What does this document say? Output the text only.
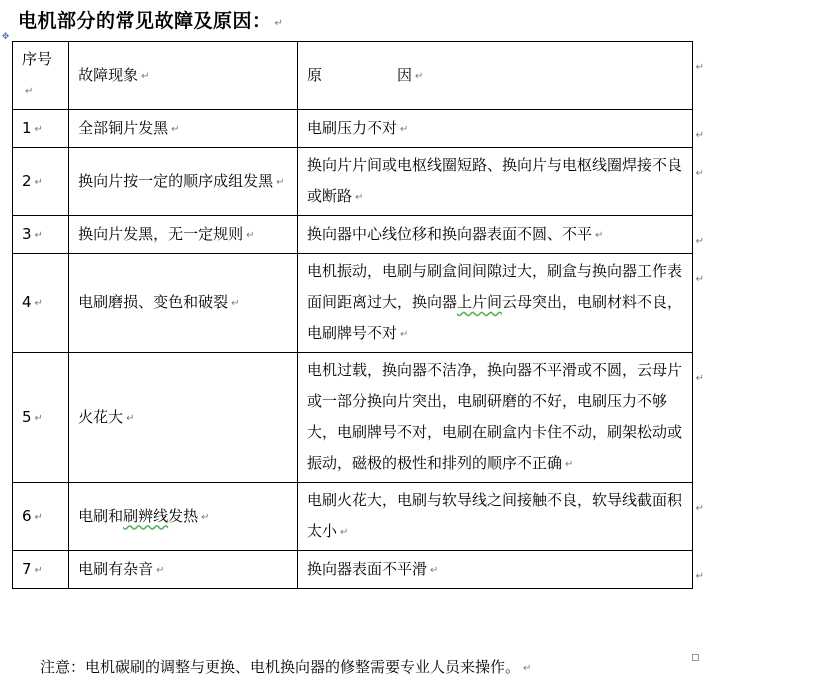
电机部分的常见故障及原因： ↵
✥
序号↵	故障现象 ↵	原　　　　　因 ↵
↵

1 ↵	全部铜片发黑 ↵	电刷压力不对 ↵
↵

2 ↵	换向片按一定的顺序成组发黑 ↵	换向片片间或电枢线圈短路、换向片与电枢线圈焊接不良或断路 ↵
↵

3 ↵	换向片发黑，无一定规则 ↵	换向器中心线位移和换向器表面不圆、不平 ↵
↵

4 ↵	电刷磨损、变色和破裂 ↵	电机振动，电刷与刷盒间间隙过大，刷盒与换向器工作表面间距离过大，换向器上片间云母突出，电刷材料不良，电刷牌号不对 ↵
↵

5 ↵	火花大 ↵	电机过载，换向器不洁净，换向器不平滑或不圆，云母片或一部分换向片突出，电刷研磨的不好，电刷压力不够大，电刷牌号不对，电刷在刷盒内卡住不动，刷架松动或振动，磁极的极性和排列的顺序不正确 ↵
↵

6 ↵	电刷和刷辨线发热 ↵	电刷火花大，电刷与软导线之间接触不良，软导线截面积太小 ↵
↵

7 ↵	电刷有杂音 ↵	换向器表面不平滑 ↵
↵
注意：电机碳刷的调整与更换、电机换向器的修整需要专业人员来操作。 ↵
